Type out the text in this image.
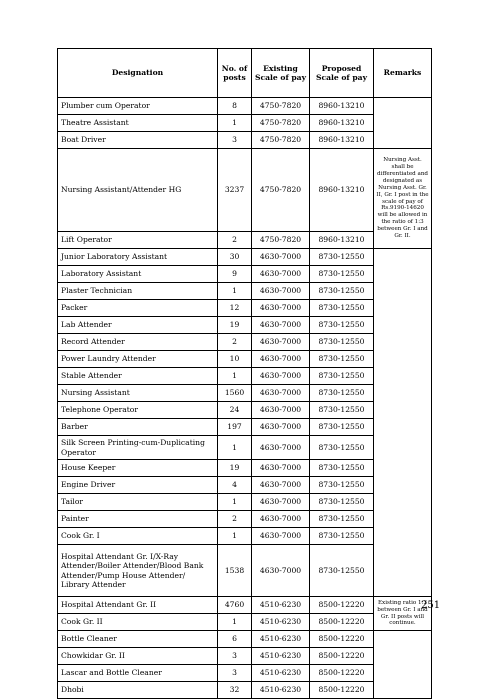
Designation	No. of posts	Existing Scale of pay	Proposed Scale of pay	Remarks
Plumber cum Operator	8	4750-7820	8960-13210	
Theatre Assistant	1	4750-7820	8960-13210	
Boat Driver	3	4750-7820	8960-13210	
Nursing Assistant/Attender HG	3237	4750-7820	8960-13210	Nursing Asst. shall be differentiated and designated as Nursing Asst. Gr. II, Gr. I post in the scale of pay of Rs.9190-14620 will be allowed in the ratio of 1:3 between Gr. I and Gr. II.
Lift Operator	2	4750-7820	8960-13210	
Junior Laboratory Assistant	30	4630-7000	8730-12550	
Laboratory Assistant	9	4630-7000	8730-12550	
Plaster Technician	1	4630-7000	8730-12550	
Packer	12	4630-7000	8730-12550	
Lab Attender	19	4630-7000	8730-12550	
Record Attender	2	4630-7000	8730-12550	
Power Laundry Attender	10	4630-7000	8730-12550	
Stable Attender	1	4630-7000	8730-12550	
Nursing Assistant	1560	4630-7000	8730-12550	
Telephone Operator	24	4630-7000	8730-12550	
Barber	197	4630-7000	8730-12550	
Silk Screen Printing-cum-Duplicating Operator	1	4630-7000	8730-12550	
House Keeper	19	4630-7000	8730-12550	
Engine Driver	4	4630-7000	8730-12550	
Tailor	1	4630-7000	8730-12550	
Painter	2	4630-7000	8730-12550	
Cook Gr. I	1	4630-7000	8730-12550	
Hospital Attendant Gr. I/X-Ray Attender/Boiler Attender/Blood Bank Attender/Pump House Attender/ Library Attender	1538	4630-7000	8730-12550	
Hospital Attendant Gr. II	4760	4510-6230	8500-12220	Existing ratio 1:3 between Gr. I and Gr. II posts will continue.
Cook Gr. II	1	4510-6230	8500-12220	
Bottle Cleaner	6	4510-6230	8500-12220	
Chowkidar Gr. II	3	4510-6230	8500-12220	
Lascar and Bottle Cleaner	3	4510-6230	8500-12220	
Dhobi	32	4510-6230	8500-12220	
251
